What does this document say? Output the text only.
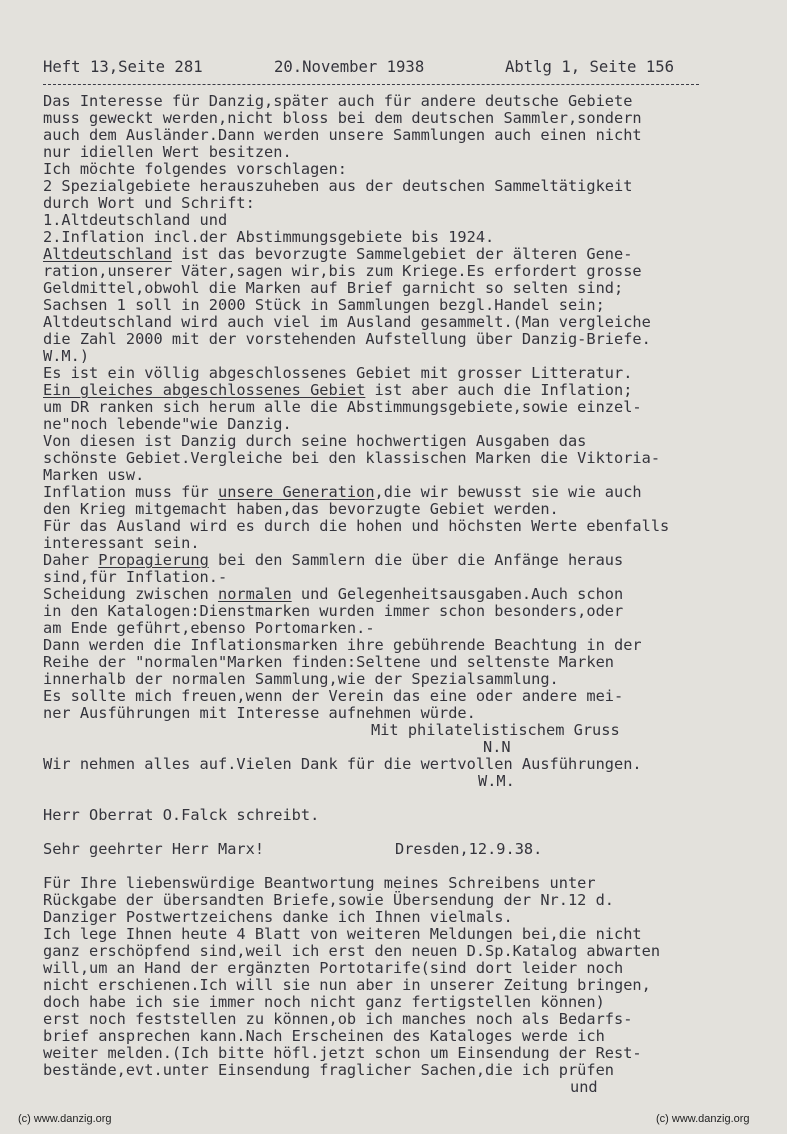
Heft 13,Seite 281	20.November 1938	Abtlg 1, Seite 156
Das Interesse für Danzig,später auch für andere deutsche Gebiete
muss geweckt werden,nicht bloss bei dem deutschen Sammler,sondern
auch dem Ausländer.Dann werden unsere Sammlungen auch einen nicht
nur idiellen Wert besitzen.
Ich möchte folgendes vorschlagen:
2 Spezialgebiete herauszuheben aus der deutschen Sammeltätigkeit
durch Wort und Schrift:
1.Altdeutschland und
2.Inflation incl.der Abstimmungsgebiete bis 1924.
Altdeutschland ist das bevorzugte Sammelgebiet der älteren Gene-
ration,unserer Väter,sagen wir,bis zum Kriege.Es erfordert grosse
Geldmittel,obwohl die Marken auf Brief garnicht so selten sind;
Sachsen 1 soll in 2000 Stück in Sammlungen bezgl.Handel sein;
Altdeutschland wird auch viel im Ausland gesammelt.(Man vergleiche
die Zahl 2000 mit der vorstehenden Aufstellung über Danzig-Briefe.
W.M.)
Es ist ein völlig abgeschlossenes Gebiet mit grosser Litteratur.
Ein gleiches abgeschlossenes Gebiet ist aber auch die Inflation;
um DR ranken sich herum alle die Abstimmungsgebiete,sowie einzel-
ne"noch lebende"wie Danzig.
Von diesen ist Danzig durch seine hochwertigen Ausgaben das
schönste Gebiet.Vergleiche bei den klassischen Marken die Viktoria-
Marken usw.
Inflation muss für unsere Generation,die wir bewusst sie wie auch
den Krieg mitgemacht haben,das bevorzugte Gebiet werden.
Für das Ausland wird es durch die hohen und höchsten Werte ebenfalls
interessant sein.
Daher Propagierung bei den Sammlern die über die Anfänge heraus
sind,für Inflation.-
Scheidung zwischen normalen und Gelegenheitsausgaben.Auch schon
in den Katalogen:Dienstmarken wurden immer schon besonders,oder
am Ende geführt,ebenso Portomarken.-
Dann werden die Inflationsmarken ihre gebührende Beachtung in der
Reihe der "normalen"Marken finden:Seltene und seltenste Marken
innerhalb der normalen Sammlung,wie der Spezialsammlung.
Es sollte mich freuen,wenn der Verein das eine oder andere mei-
ner Ausführungen mit Interesse aufnehmen würde.
Mit philatelistischem Gruss
N.N
Wir nehmen alles auf.Vielen Dank für die wertvollen Ausführungen.
W.M.
Herr Oberrat O.Falck schreibt.
Sehr geehrter Herr Marx!	Dresden,12.9.38.
Für Ihre liebenswürdige Beantwortung meines Schreibens unter
Rückgabe der übersandten Briefe,sowie Übersendung der Nr.12 d.
Danziger Postwertzeichens danke ich Ihnen vielmals.
Ich lege Ihnen heute 4 Blatt von weiteren Meldungen bei,die nicht
ganz erschöpfend sind,weil ich erst den neuen D.Sp.Katalog abwarten
will,um an Hand der ergänzten Portotarife(sind dort leider noch
nicht erschienen.Ich will sie nun aber in unserer Zeitung bringen,
doch habe ich sie immer noch nicht ganz fertigstellen können)
erst noch feststellen zu können,ob ich manches noch als Bedarfs-
brief ansprechen kann.Nach Erscheinen des Kataloges werde ich
weiter melden.(Ich bitte höfl.jetzt schon um Einsendung der Rest-
bestände,evt.unter Einsendung fraglicher Sachen,die ich prüfen
und
(c) www.danzig.org	(c) www.danzig.org
